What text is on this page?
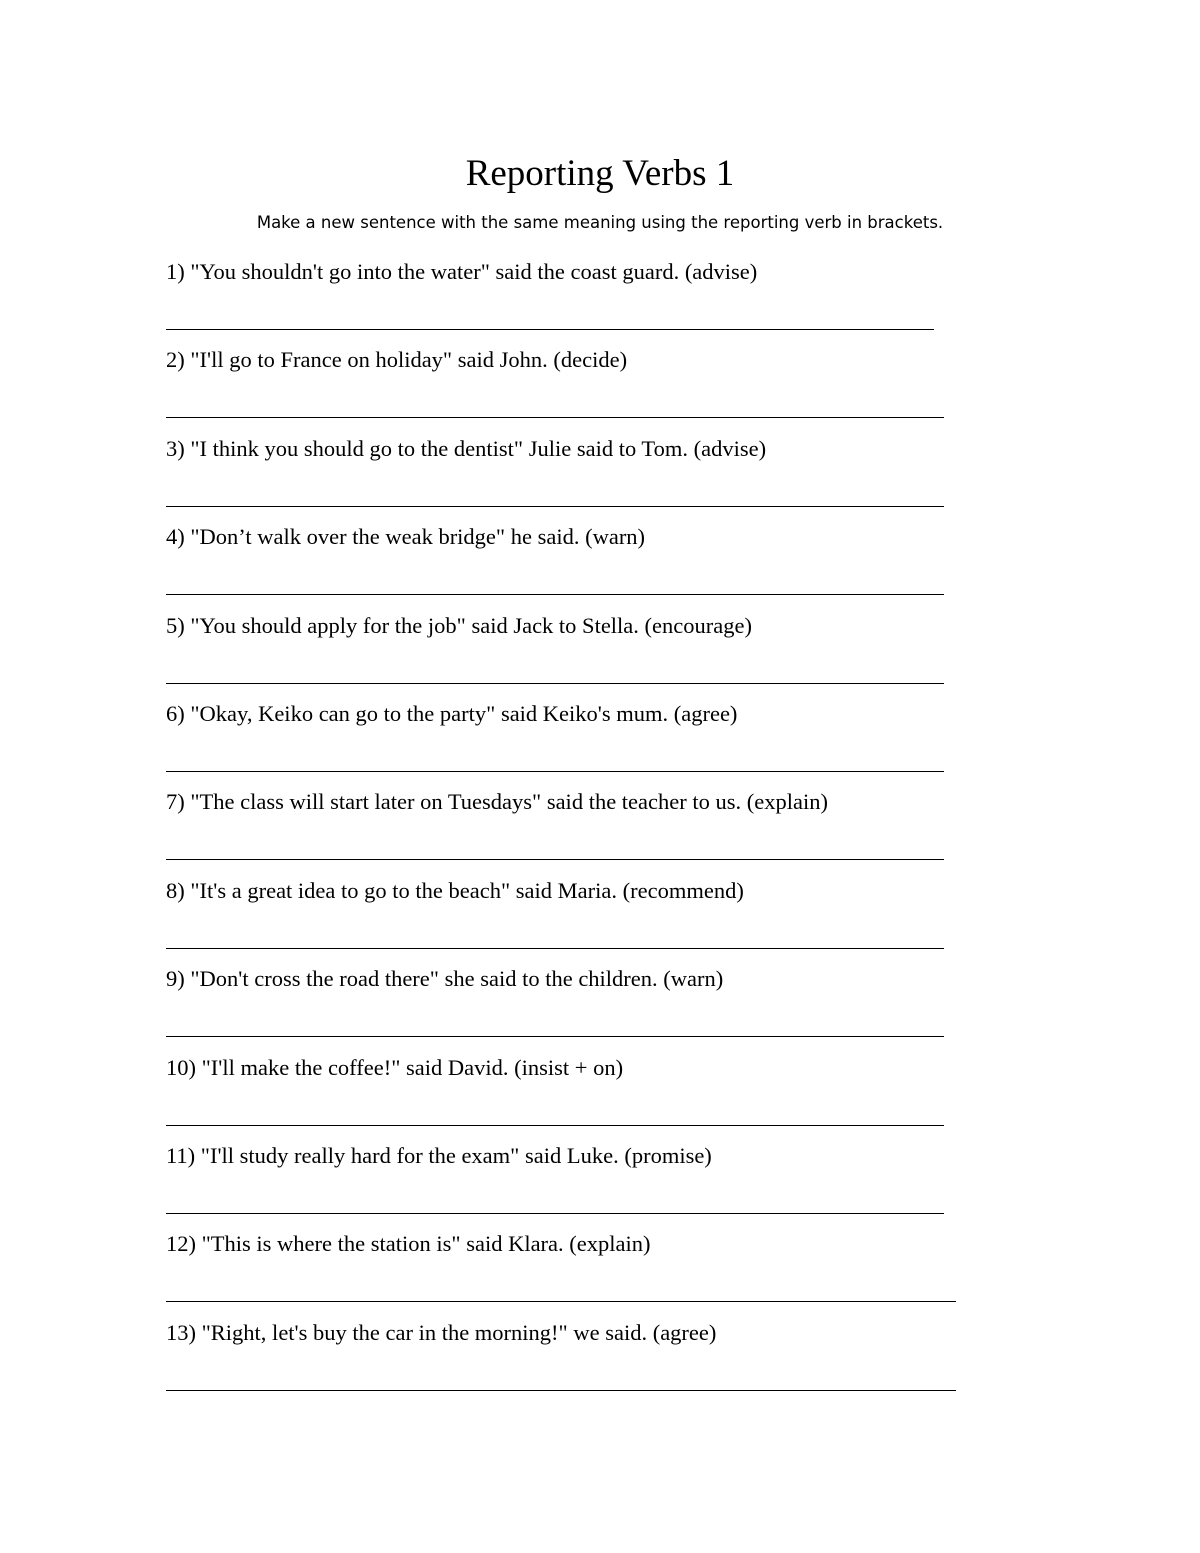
Reporting Verbs 1
Make a new sentence with the same meaning using the reporting verb in brackets.
1) "You shouldn't go into the water" said the coast guard. (advise)
2) "I'll go to France on holiday" said John. (decide)
3) "I think you should go to the dentist" Julie said to Tom. (advise)
4) "Don’t walk over the weak bridge" he said. (warn)
5) "You should apply for the job" said Jack to Stella. (encourage)
6) "Okay, Keiko can go to the party" said Keiko's mum. (agree)
7) "The class will start later on Tuesdays" said the teacher to us. (explain)
8) "It's a great idea to go to the beach" said Maria. (recommend)
9) "Don't cross the road there" she said to the children. (warn)
10) "I'll make the coffee!" said David. (insist + on)
11) "I'll study really hard for the exam" said Luke. (promise)
12) "This is where the station is" said Klara. (explain)
13) "Right, let's buy the car in the morning!" we said. (agree)
